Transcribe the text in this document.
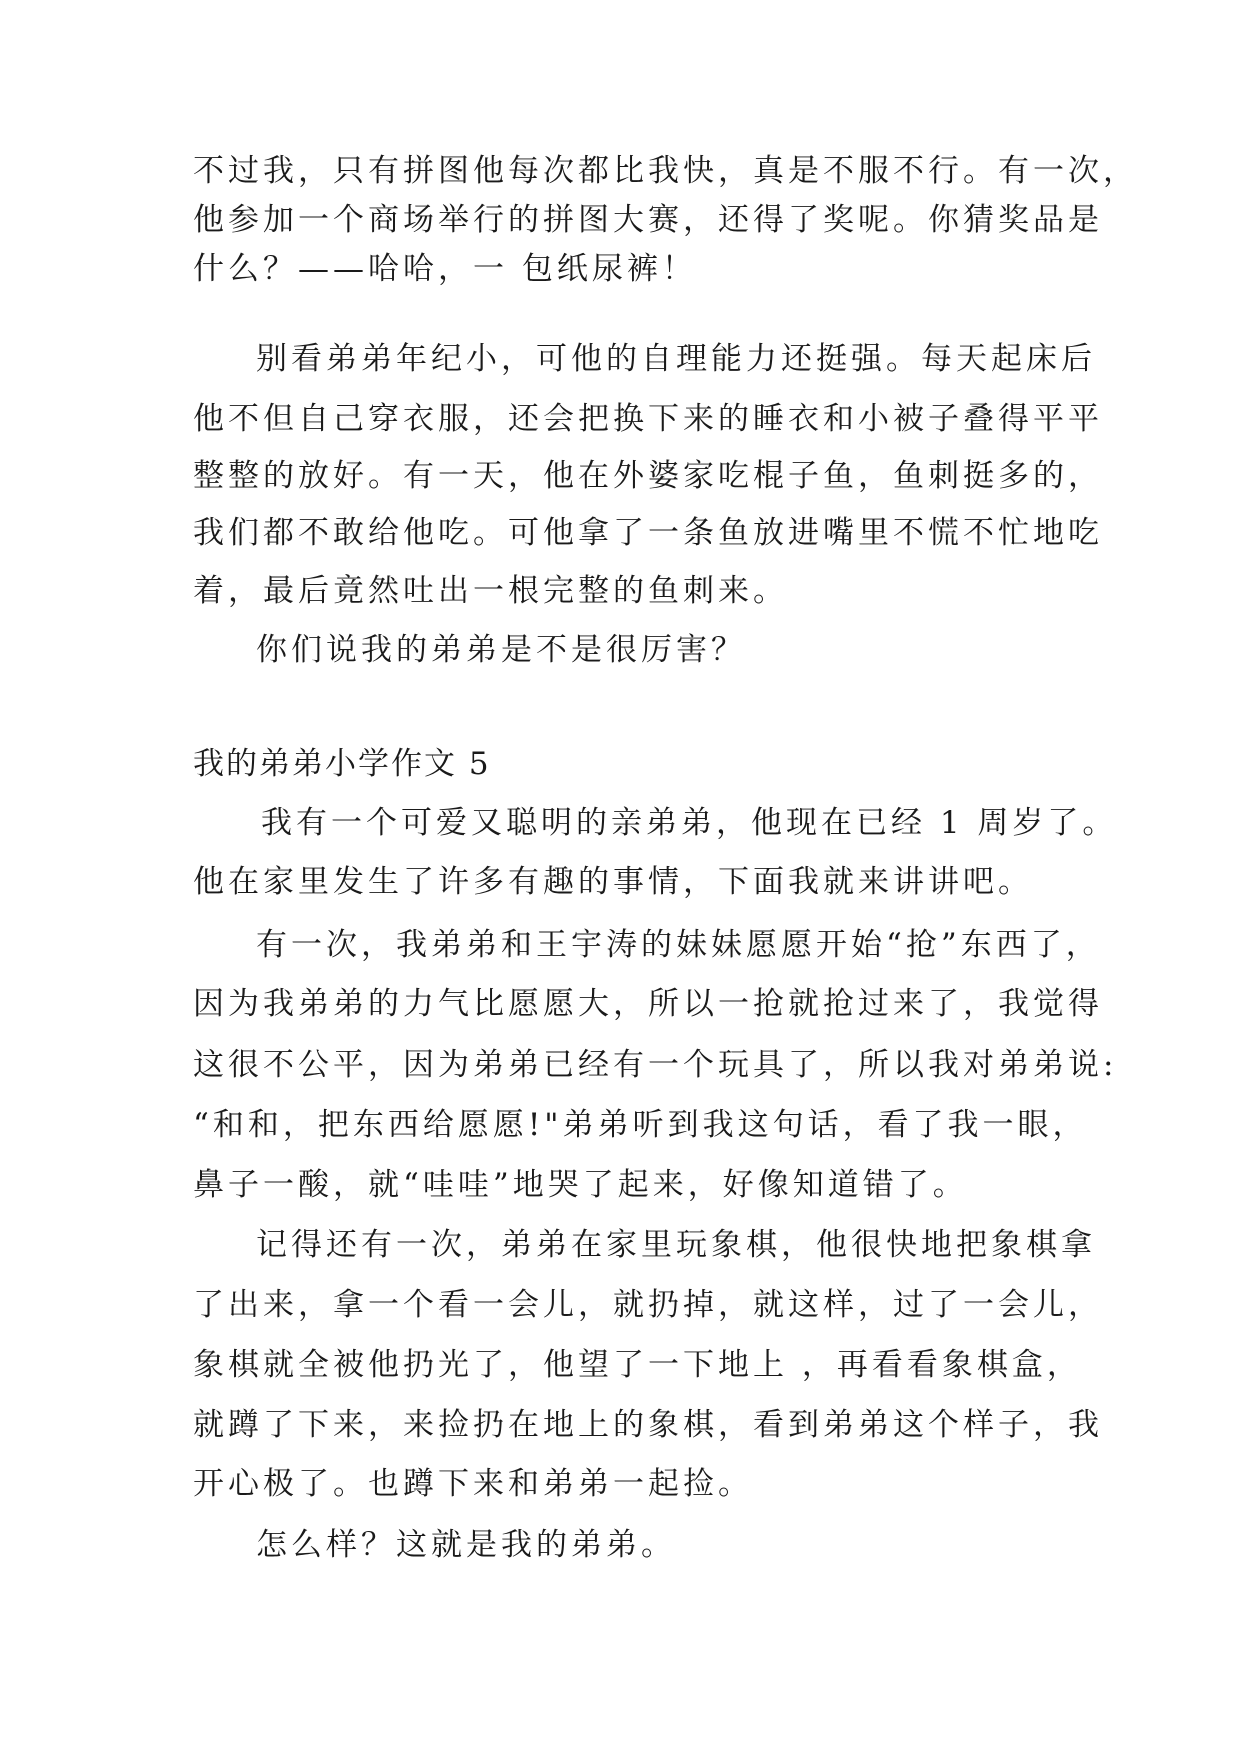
不过我，只有拼图他每次都比我快，真是不服不行。有一次，
他参加一个商场举行的拼图大赛，还得了奖呢。你猜奖品是
什么？——哈哈，一 包纸尿裤！
别看弟弟年纪小，可他的自理能力还挺强。每天起床后
他不但自己穿衣服，还会把换下来的睡衣和小被子叠得平平
整整的放好。有一天，他在外婆家吃棍子鱼，鱼刺挺多的，
我们都不敢给他吃。可他拿了一条鱼放进嘴里不慌不忙地吃
着，最后竟然吐出一根完整的鱼刺来。
你们说我的弟弟是不是很厉害？
我的弟弟小学作文 5
我有一个可爱又聪明的亲弟弟，他现在已经 1 周岁了。
他在家里发生了许多有趣的事情，下面我就来讲讲吧。
有一次，我弟弟和王宇涛的妹妹愿愿开始“抢”东西了，
因为我弟弟的力气比愿愿大，所以一抢就抢过来了，我觉得
这很不公平，因为弟弟已经有一个玩具了，所以我对弟弟说:
“和和，把东西给愿愿!"弟弟听到我这句话，看了我一眼，
鼻子一酸，就“哇哇”地哭了起来，好像知道错了。
记得还有一次，弟弟在家里玩象棋，他很快地把象棋拿
了出来，拿一个看一会儿，就扔掉，就这样，过了一会儿，
象棋就全被他扔光了，他望了一下地上 ，再看看象棋盒，
就蹲了下来，来捡扔在地上的象棋，看到弟弟这个样子，我
开心极了。也蹲下来和弟弟一起捡。
怎么样？这就是我的弟弟。
